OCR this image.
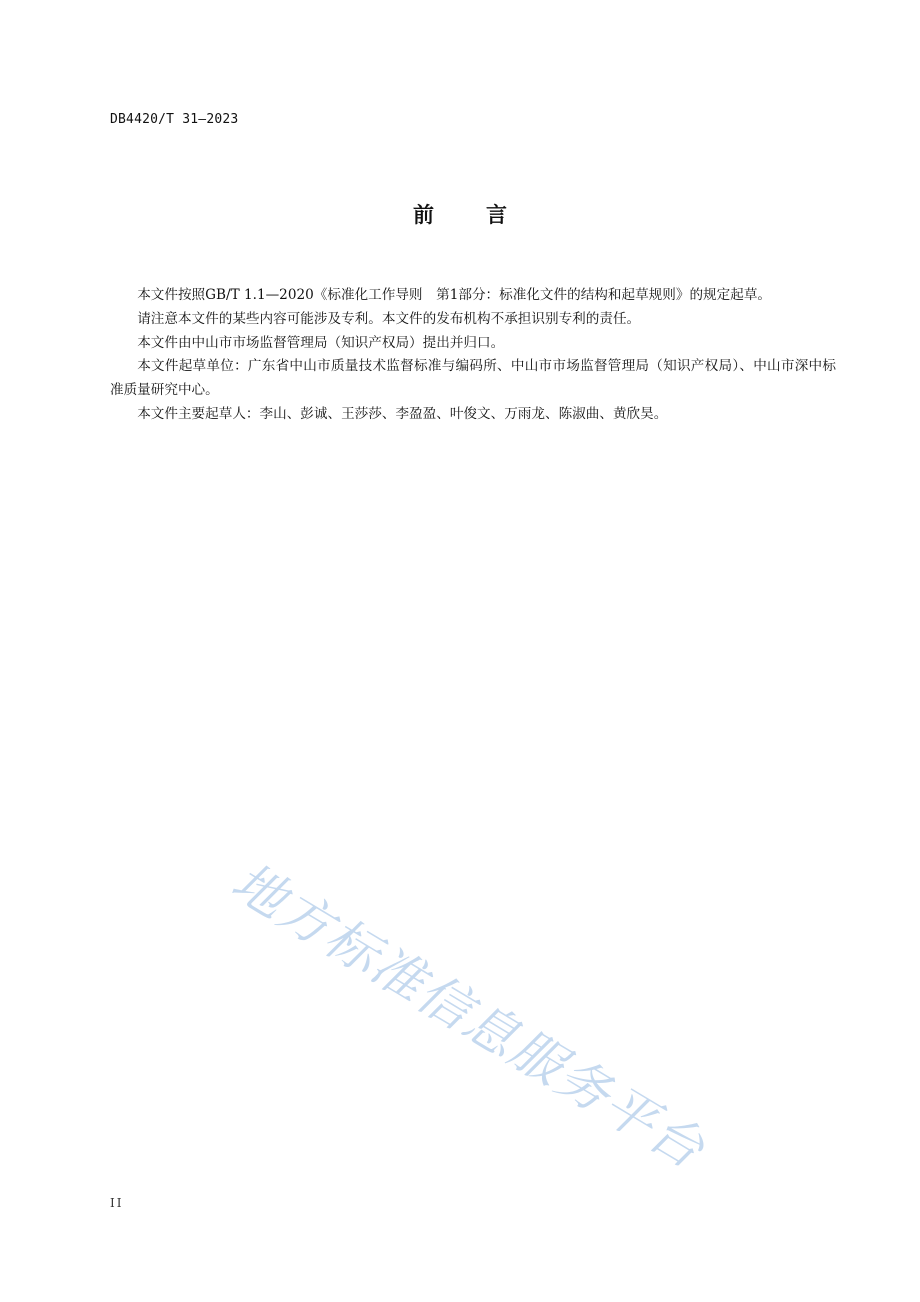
DB4420/T 31—2023
前言

本文件按照GB/T 1.1—2020《标准化工作导则　第1部分：标准化文件的结构和起草规则》的规定起草。

请注意本文件的某些内容可能涉及专利。本文件的发布机构不承担识别专利的责任。

本文件由中山市市场监督管理局（知识产权局）提出并归口。

本文件起草单位：广东省中山市质量技术监督标准与编码所、中山市市场监督管理局（知识产权局）、中山市深中标准质量研究中心。

本文件主要起草人：李山、彭诚、王莎莎、李盈盈、叶俊文、万雨龙、陈淑曲、黄欣昊。

地方标准信息服务平台
II
